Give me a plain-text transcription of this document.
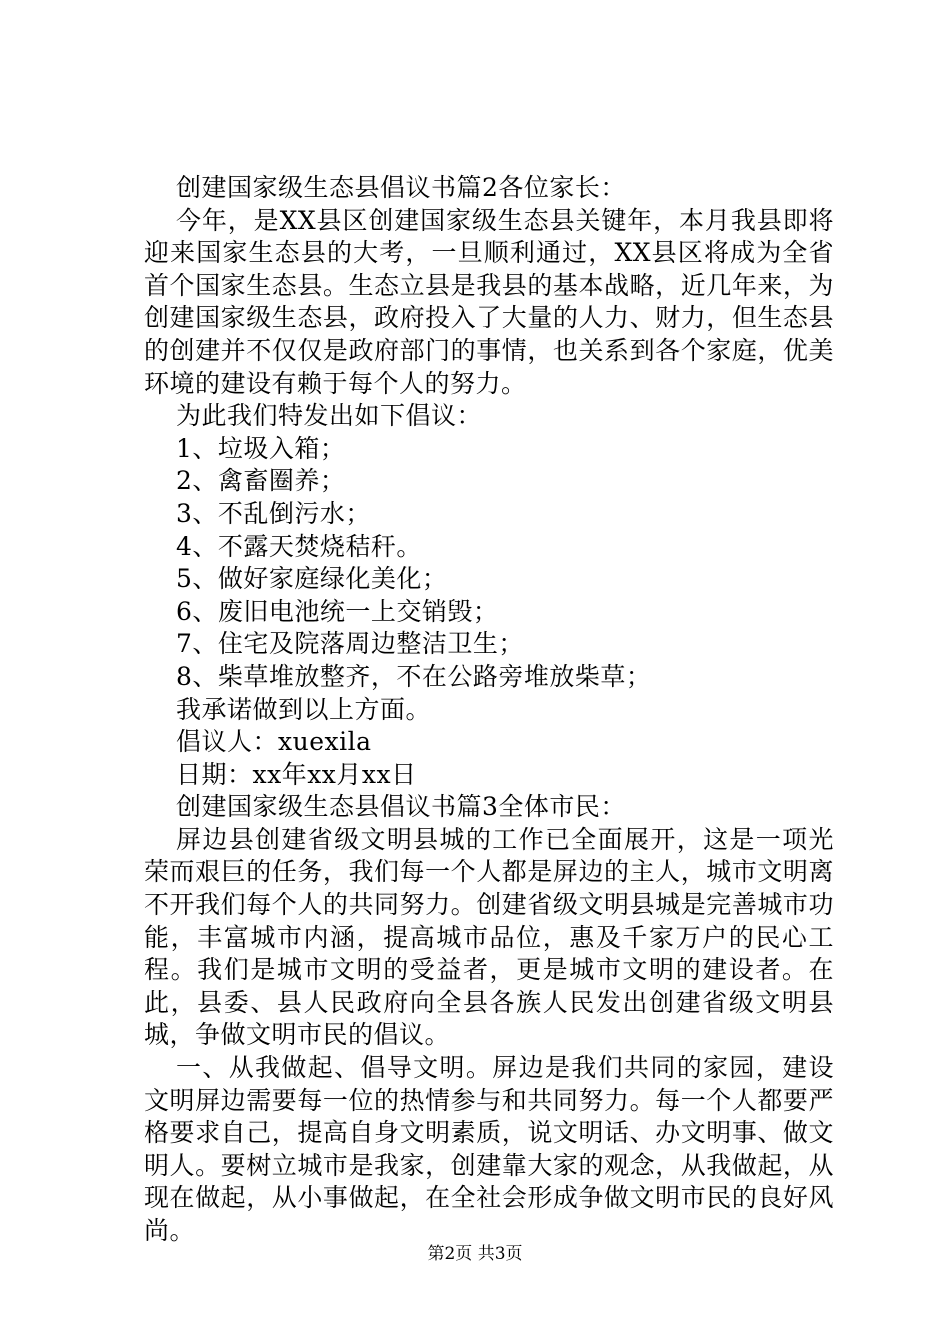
创建国家级生态县倡议书篇2各位家长：

今年，是XX县区创建国家级生态县关键年，本月我县即将迎来国家生态县的大考，一旦顺利通过，XX县区将成为全省首个国家生态县。生态立县是我县的基本战略，近几年来，为创建国家级生态县，政府投入了大量的人力、财力，但生态县的创建并不仅仅是政府部门的事情，也关系到各个家庭，优美环境的建设有赖于每个人的努力。

为此我们特发出如下倡议：

1、垃圾入箱；

2、禽畜圈养；

3、不乱倒污水；

4、不露天焚烧秸秆。

5、做好家庭绿化美化；

6、废旧电池统一上交销毁；

7、住宅及院落周边整洁卫生；

8、柴草堆放整齐，不在公路旁堆放柴草；

我承诺做到以上方面。

倡议人：xuexila

日期：xx年xx月xx日

创建国家级生态县倡议书篇3全体市民：

屏边县创建省级文明县城的工作已全面展开，这是一项光荣而艰巨的任务，我们每一个人都是屏边的主人，城市文明离不开我们每个人的共同努力。创建省级文明县城是完善城市功能，丰富城市内涵，提高城市品位，惠及千家万户的民心工程。我们是城市文明的受益者，更是城市文明的建设者。在此，县委、县人民政府向全县各族人民发出创建省级文明县城，争做文明市民的倡议。

一、从我做起、倡导文明。屏边是我们共同的家园，建设文明屏边需要每一位的热情参与和共同努力。每一个人都要严格要求自己，提高自身文明素质，说文明话、办文明事、做文明人。要树立城市是我家，创建靠大家的观念，从我做起，从现在做起，从小事做起，在全社会形成争做文明市民的良好风尚。

第2页 共3页
